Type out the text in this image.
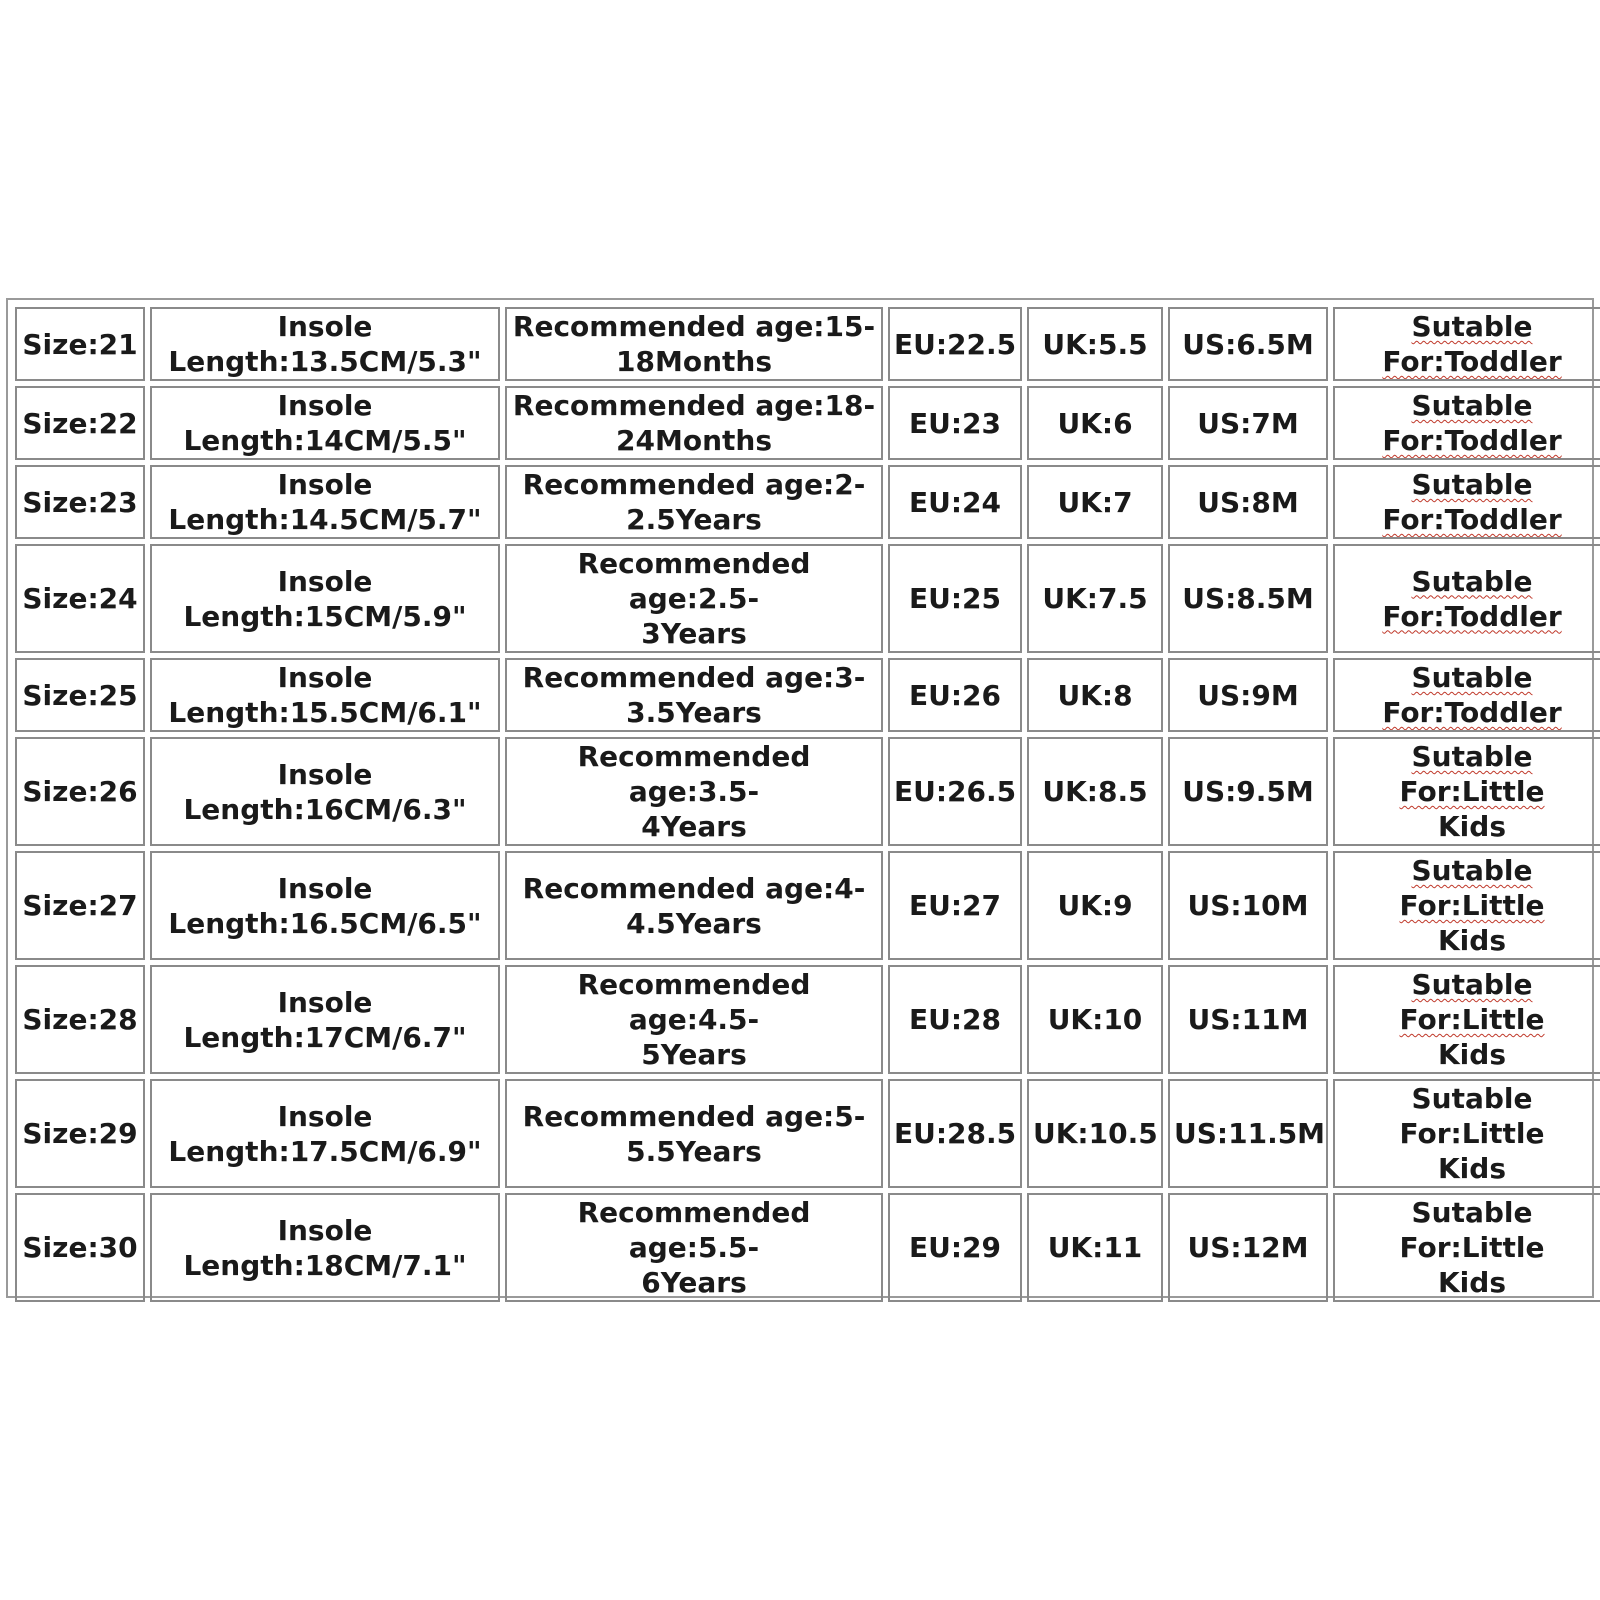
Size:21	Insole
Length:13.5CM/5.3"	Recommended age:15-
18Months	EU:22.5	UK:5.5	US:6.5M	Sutable
For:Toddler

Size:22	Insole
Length:14CM/5.5"	Recommended age:18-
24Months	EU:23	UK:6	US:7M	Sutable
For:Toddler

Size:23	Insole
Length:14.5CM/5.7"	Recommended age:2-
2.5Years	EU:24	UK:7	US:8M	Sutable
For:Toddler

Size:24	Insole
Length:15CM/5.9"	Recommended age:2.5-
3Years	EU:25	UK:7.5	US:8.5M	Sutable
For:Toddler

Size:25	Insole
Length:15.5CM/6.1"	Recommended age:3-
3.5Years	EU:26	UK:8	US:9M	Sutable
For:Toddler

Size:26	Insole
Length:16CM/6.3"	Recommended age:3.5-
4Years	EU:26.5	UK:8.5	US:9.5M	Sutable For:Little
Kids

Size:27	Insole
Length:16.5CM/6.5"	Recommended age:4-
4.5Years	EU:27	UK:9	US:10M	Sutable For:Little
Kids

Size:28	Insole
Length:17CM/6.7"	Recommended age:4.5-
5Years	EU:28	UK:10	US:11M	Sutable For:Little
Kids

Size:29	Insole
Length:17.5CM/6.9"	Recommended age:5-
5.5Years	EU:28.5	UK:10.5	US:11.5M	Sutable For:Little
Kids

Size:30	Insole
Length:18CM/7.1"	Recommended age:5.5-
6Years	EU:29	UK:11	US:12M	Sutable For:Little
Kids
